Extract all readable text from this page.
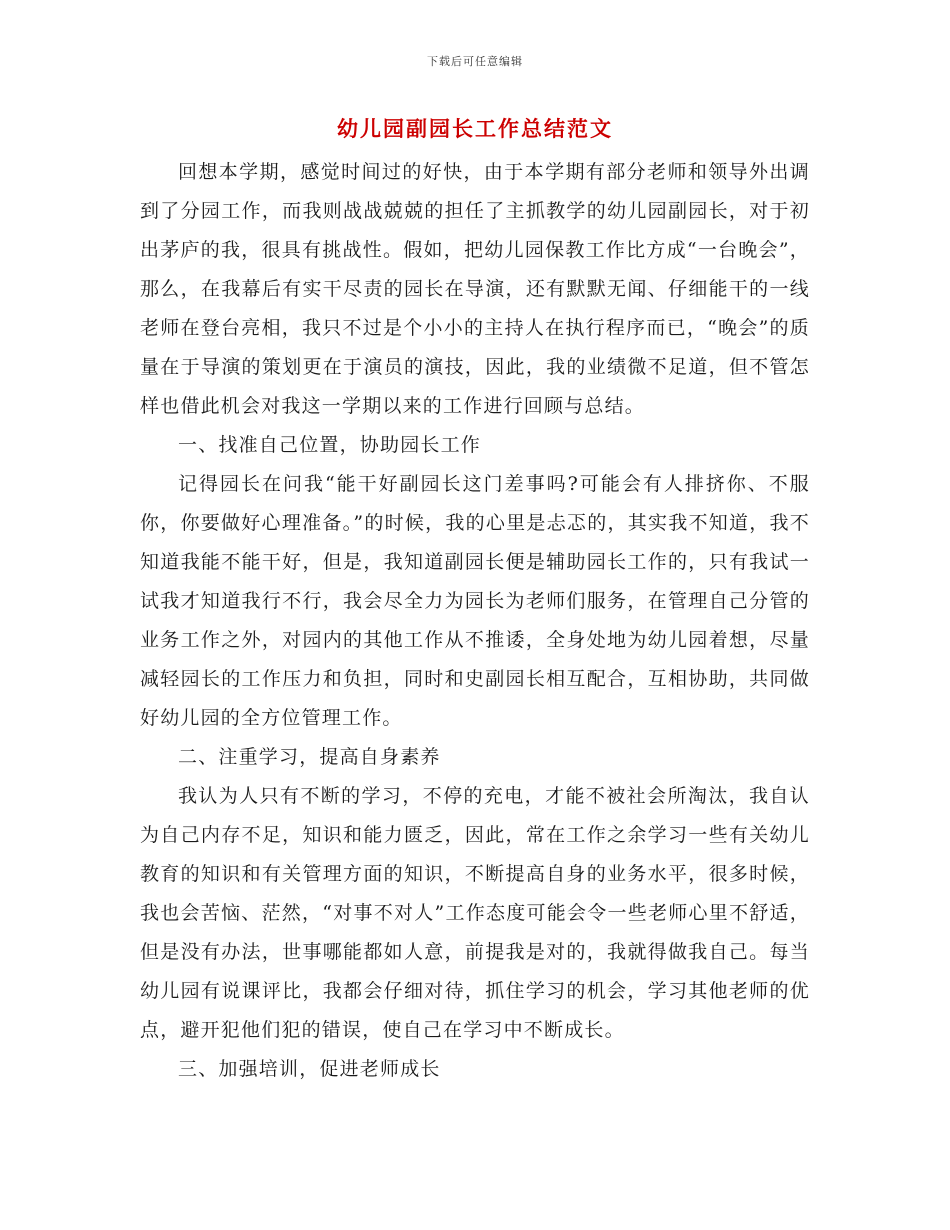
下载后可任意编辑
幼儿园副园长工作总结范文

回想本学期，感觉时间过的好快，由于本学期有部分老师和领导外出调到了分园工作，而我则战战兢兢的担任了主抓教学的幼儿园副园长，对于初出茅庐的我，很具有挑战性。假如，把幼儿园保教工作比方成“一台晚会”，那么，在我幕后有实干尽责的园长在导演，还有默默无闻、仔细能干的一线老师在登台亮相，我只不过是个小小的主持人在执行程序而已，“晚会”的质量在于导演的策划更在于演员的演技，因此，我的业绩微不足道，但不管怎样也借此机会对我这一学期以来的工作进行回顾与总结。

一、找准自己位置，协助园长工作

记得园长在问我“能干好副园长这门差事吗?可能会有人排挤你、不服你，你要做好心理准备。”的时候，我的心里是忐忑的，其实我不知道，我不知道我能不能干好，但是，我知道副园长便是辅助园长工作的，只有我试一试我才知道我行不行，我会尽全力为园长为老师们服务，在管理自己分管的业务工作之外，对园内的其他工作从不推诿，全身处地为幼儿园着想，尽量减轻园长的工作压力和负担，同时和史副园长相互配合，互相协助，共同做好幼儿园的全方位管理工作。

二、注重学习，提高自身素养

我认为人只有不断的学习，不停的充电，才能不被社会所淘汰，我自认为自己内存不足，知识和能力匮乏，因此，常在工作之余学习一些有关幼儿教育的知识和有关管理方面的知识，不断提高自身的业务水平，很多时候，我也会苦恼、茫然，“对事不对人”工作态度可能会令一些老师心里不舒适，但是没有办法，世事哪能都如人意，前提我是对的，我就得做我自己。每当幼儿园有说课评比，我都会仔细对待，抓住学习的机会，学习其他老师的优点，避开犯他们犯的错误，使自己在学习中不断成长。

三、加强培训，促进老师成长
